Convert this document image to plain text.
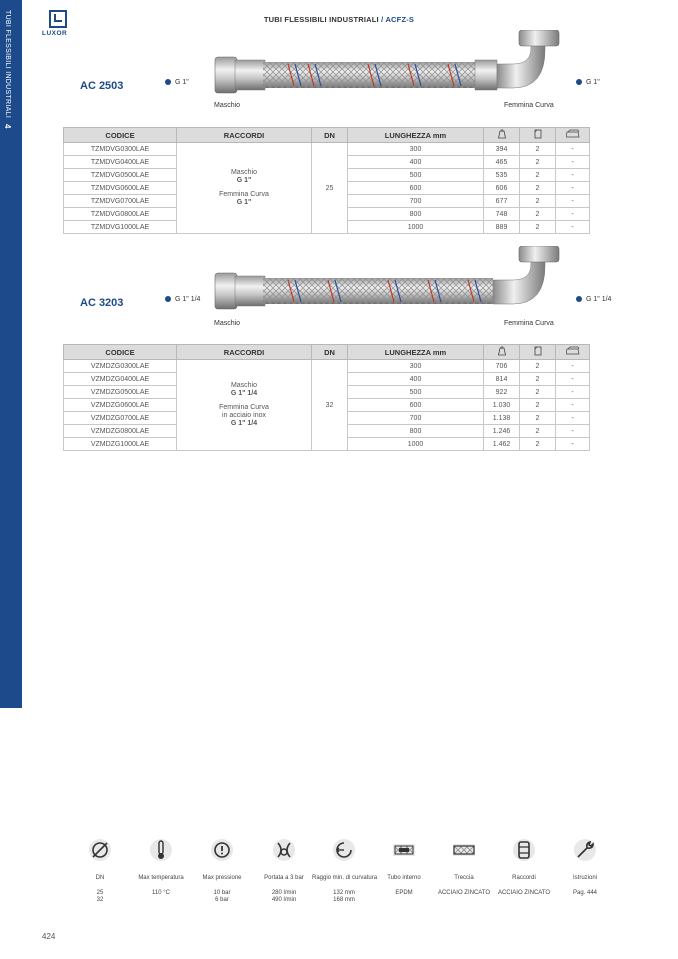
TUBI FLESSIBILI INDUSTRIALI 4
LUXOR
TUBI FLESSIBILI INDUSTRIALI / ACFZ-S
AC 2503	G 1"	G 1"
Maschio	Femmina Curva
CODICE	RACCORDI	DN	LUNGHEZZA mm			
TZMDVG0300LAE	Maschio
G 1"
Femmina Curva
G 1"	25	300	394	2	-
TZMDVG0400LAE			400	465	2	-
TZMDVG0500LAE			500	535	2	-
TZMDVG0600LAE			600	606	2	-
TZMDVG0700LAE			700	677	2	-
TZMDVG0800LAE			800	748	2	-
TZMDVG1000LAE			1000	889	2	-
AC 3203	G 1" 1/4	G 1" 1/4
Maschio	Femmina Curva
CODICE	RACCORDI	DN	LUNGHEZZA mm			
VZMDZG0300LAE	Maschio
G 1" 1/4
Femmina Curva
in acciaio inox
G 1" 1/4	32	300	706	2	-
VZMDZG0400LAE			400	814	2	-
VZMDZG0500LAE			500	922	2	-
VZMDZG0600LAE			600	1.030	2	-
VZMDZG0700LAE			700	1.138	2	-
VZMDZG0800LAE			800	1.246	2	-
VZMDZG1000LAE			1000	1.462	2	-
DN
25
32
Max temperatura
110 °C
Max pressione
10 bar
6 bar
Portata a 3 bar
280 l/min
490 l/min
Raggio min. di curvatura
132 mm
168 mm
Tubo interno
EPDM
Treccia
ACCIAIO ZINCATO
Raccordi
ACCIAIO ZINCATO
Istruzioni
Pag. 444
424
